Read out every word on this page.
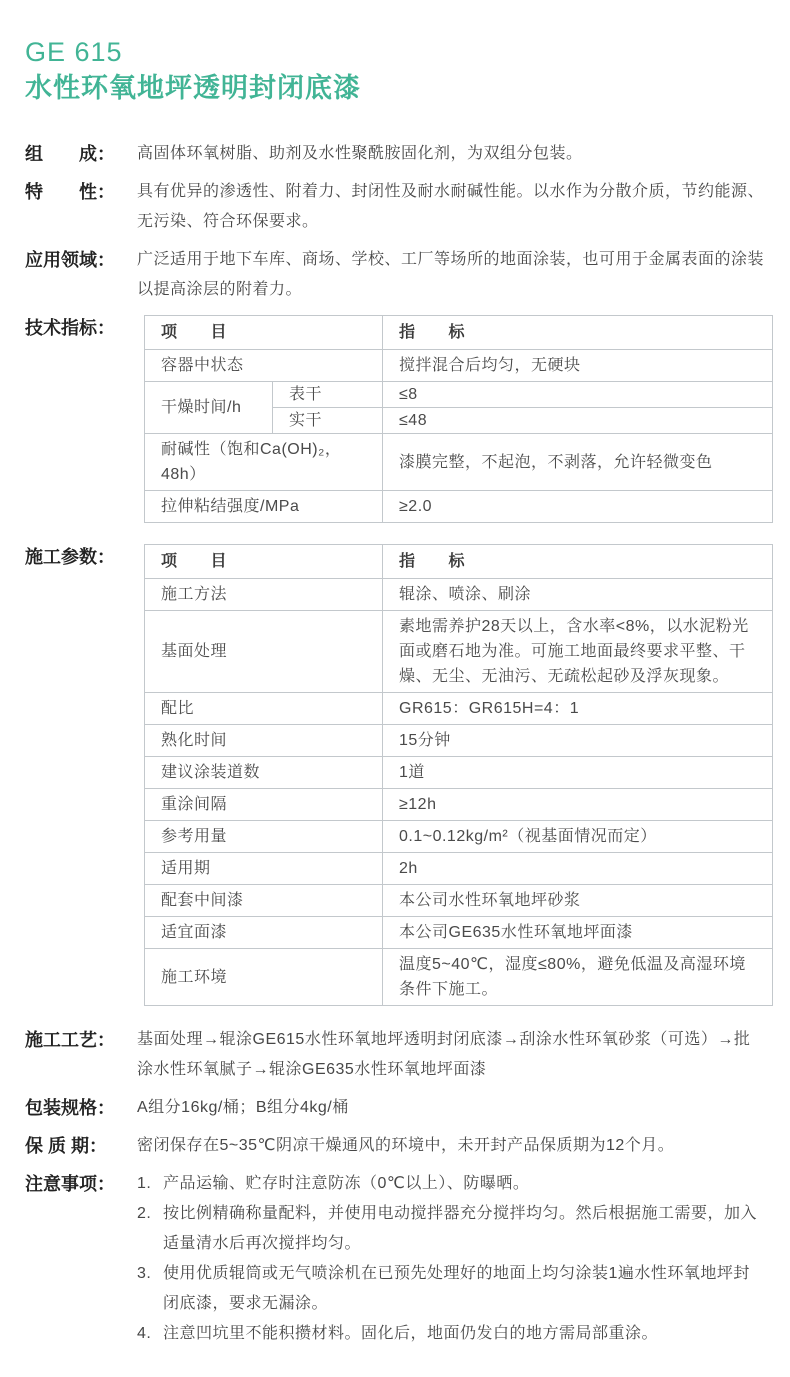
GE 615
水性环氧地坪透明封闭底漆
组　　成：	高固体环氧树脂、助剂及水性聚酰胺固化剂，为双组分包装。
特　　性：	具有优异的渗透性、附着力、封闭性及耐水耐碱性能。以水作为分散介质，节约能源、无污染、符合环保要求。
应用领域：	广泛适用于地下车库、商场、学校、工厂等场所的地面涂装，也可用于金属表面的涂装以提高涂层的附着力。
技术指标：	项　　目		指　　标
容器中状态		搅拌混合后均匀，无硬块
干燥时间/h	表干	≤8
	实干	≤48
耐碱性（饱和Ca(OH)₂，48h）		漆膜完整，不起泡，不剥落，允许轻微变色
拉伸粘结强度/MPa		≥2.0
施工参数：	项　　目	指　　标
施工方法	辊涂、喷涂、刷涂
基面处理	素地需养护28天以上，含水率<8%，以水泥粉光面或磨石地为准。可施工地面最终要求平整、干燥、无尘、无油污、无疏松起砂及浮灰现象。
配比	GR615：GR615H=4：1
熟化时间	15分钟
建议涂装道数	1道
重涂间隔	≥12h
参考用量	0.1~0.12kg/m²（视基面情况而定）
适用期	2h
配套中间漆	本公司水性环氧地坪砂浆
适宜面漆	本公司GE635水性环氧地坪面漆
施工环境	温度5~40℃，湿度≤80%，避免低温及高湿环境条件下施工。
施工工艺：	基面处理→辊涂GE615水性环氧地坪透明封闭底漆→刮涂水性环氧砂浆（可选）→批涂水性环氧腻子→辊涂GE635水性环氧地坪面漆
包装规格：	A组分16kg/桶；B组分4kg/桶
保 质 期：	密闭保存在5~35℃阴凉干燥通风的环境中，未开封产品保质期为12个月。
注意事项：	1. 产品运输、贮存时注意防冻（0℃以上）、防曝晒。
2. 按比例精确称量配料，并使用电动搅拌器充分搅拌均匀。然后根据施工需要，加入适量清水后再次搅拌均匀。
3. 使用优质辊筒或无气喷涂机在已预先处理好的地面上均匀涂装1遍水性环氧地坪封闭底漆，要求无漏涂。
4. 注意凹坑里不能积攒材料。固化后，地面仍发白的地方需局部重涂。
